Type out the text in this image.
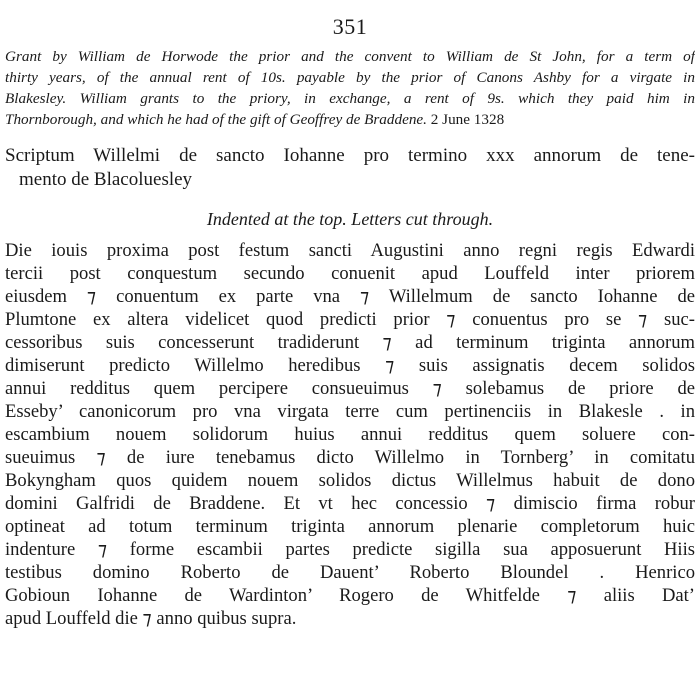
351
Grant by William de Horwode the prior and the convent to William de St John, for a term of
thirty years, of the annual rent of 10s. payable by the prior of Canons Ashby for a virgate in
Blakesley. William grants to the priory, in exchange, a rent of 9s. which they paid him in
Thornborough, and which he had of the gift of Geoffrey de Braddene. 2 June 1328
Scriptum Willelmi de sancto Iohanne pro termino xxx annorum de tene-
mento de Blacoluesley
Indented at the top. Letters cut through.
Die iouis proxima post festum sancti Augustini anno regni regis Edwardi
tercii post conquestum secundo conuenit apud Louffeld inter priorem
eiusdem ⁊ conuentum ex parte vna ⁊ Willelmum de sancto Iohanne de
Plumtone ex altera videlicet quod predicti prior ⁊ conuentus pro se ⁊ suc-
cessoribus suis concesserunt tradiderunt ⁊ ad terminum triginta annorum
dimiserunt predicto Willelmo heredibus ⁊ suis assignatis decem solidos
annui redditus quem percipere consueuimus ⁊ solebamus de priore de
Esseby’ canonicorum pro vna virgata terre cum pertinenciis in Blakesle . in
escambium nouem solidorum huius annui redditus quem soluere con-
sueuimus ⁊ de iure tenebamus dicto Willelmo in Tornberg’ in comitatu
Bokyngham quos quidem nouem solidos dictus Willelmus habuit de dono
domini Galfridi de Braddene. Et vt hec concessio ⁊ dimiscio firma robur
optineat ad totum terminum triginta annorum plenarie completorum huic
indenture ⁊ forme escambii partes predicte sigilla sua apposuerunt Hiis
testibus domino Roberto de Dauent’ Roberto Bloundel . Henrico
Gobioun Iohanne de Wardinton’ Rogero de Whitfelde ⁊ aliis Dat’
apud Louffeld die ⁊ anno quibus supra.
